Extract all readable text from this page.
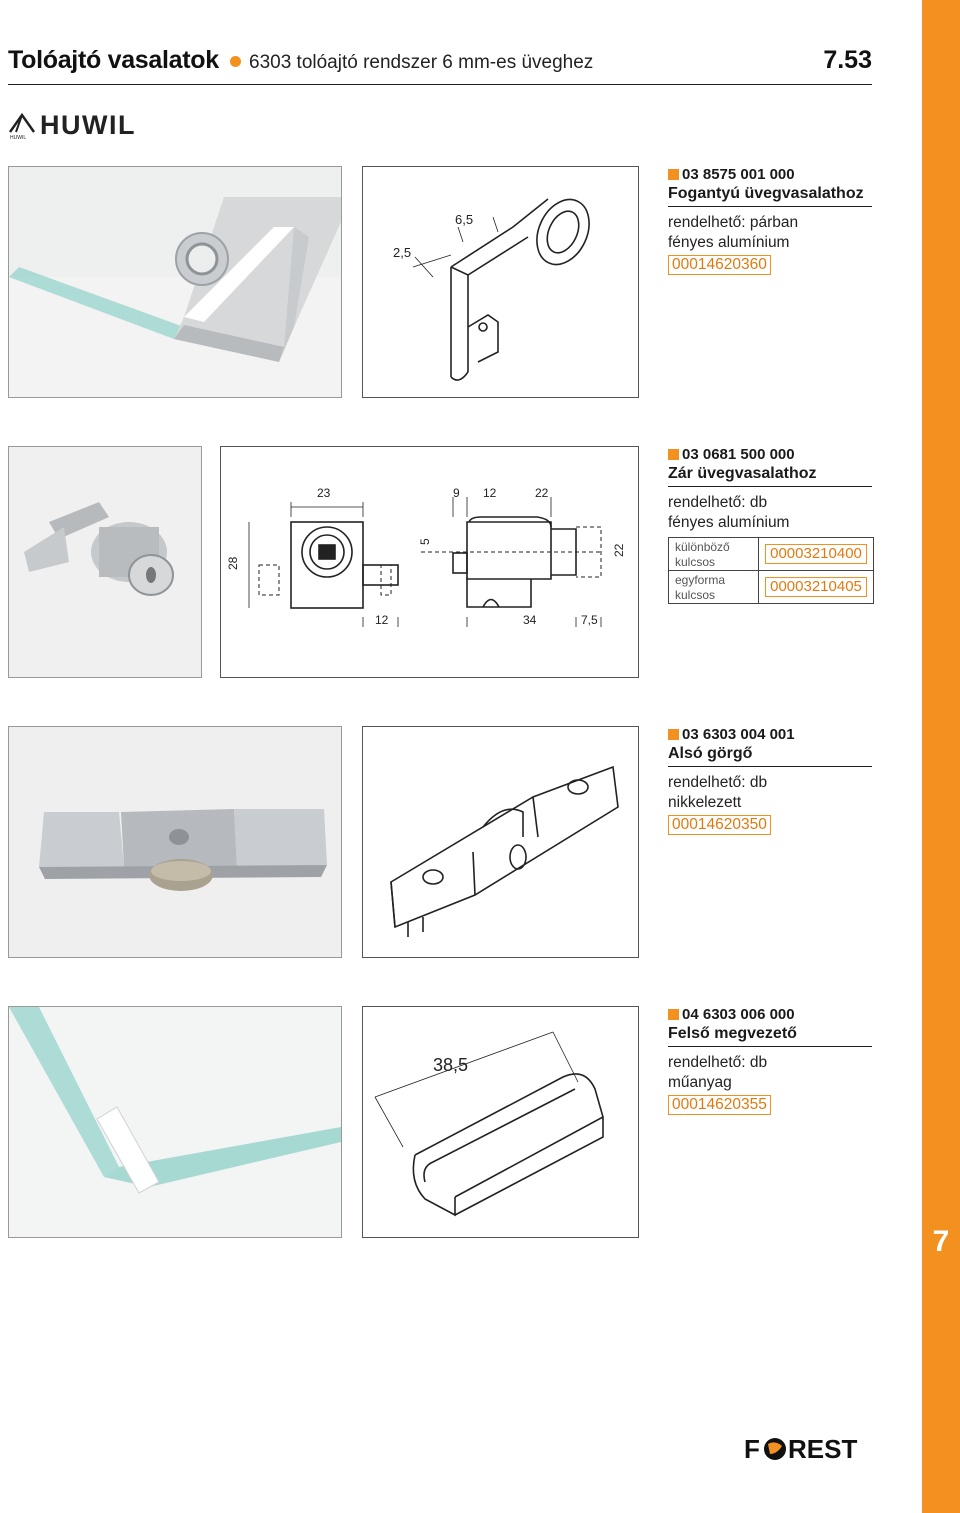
7
Tolóajtó vasalatok 6303 tolóajtó rendszer 6 mm-es üveghez	7.53
HUWIL HUWIL
2,5
6,5
03 8575 001 000
Fogantyú üvegvasalathoz
rendelhető: párban
fényes alumínium
00014620360
23
28
12
5
9 12	22
34	7,5
22
03 0681 500 000
Zár üvegvasalathoz
rendelhető: db
fényes alumínium
különböző kulcsos	00003210400
egyforma kulcsos	00003210405
03 6303 004 001
Alsó görgő
rendelhető: db
nikkelezett
00014620350
38,5
04 6303 006 000
Felső megvezető
rendelhető: db
műanyag
00014620355
F REST
